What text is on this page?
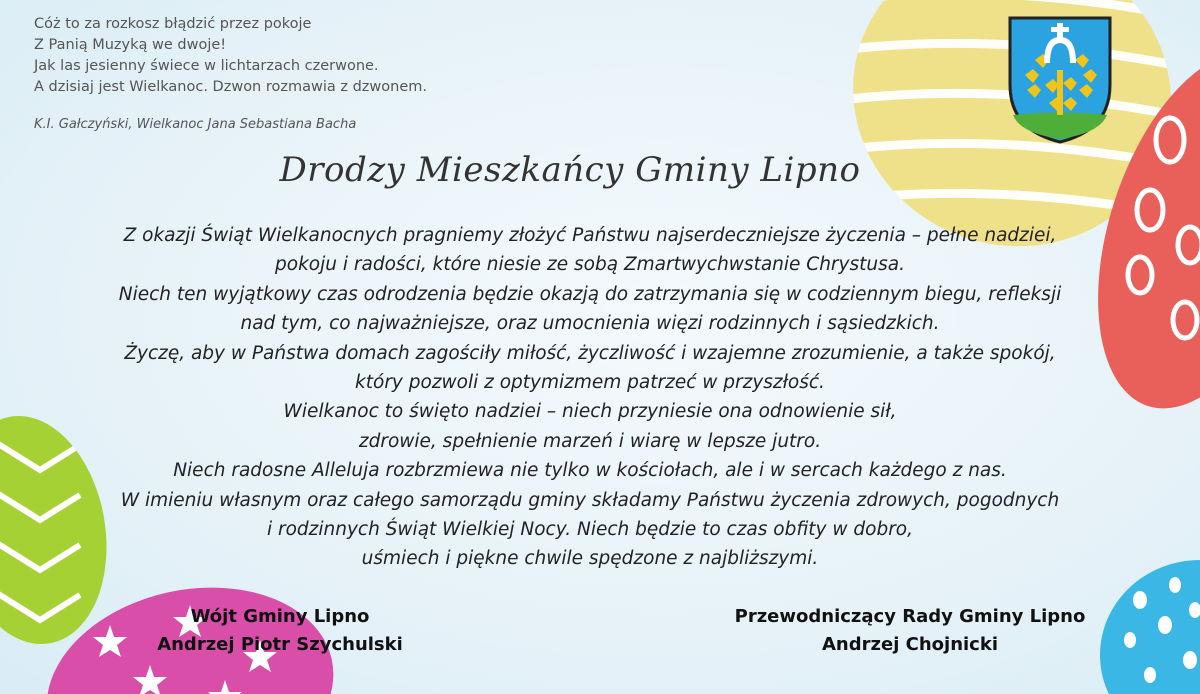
Cóż to za rozkosz błądzić przez pokoje
Z Panią Muzyką we dwoje!
Jak las jesienny świece w lichtarzach czerwone.
A dzisiaj jest Wielkanoc. Dzwon rozmawia z dzwonem.
K.I. Gałczyński, Wielkanoc Jana Sebastiana Bacha
Drodzy Mieszkańcy Gminy Lipno
Z okazji Świąt Wielkanocnych pragniemy złożyć Państwu najserdeczniejsze życzenia – pełne nadziei,
pokoju i radości, które niesie ze sobą Zmartwychwstanie Chrystusa.
Niech ten wyjątkowy czas odrodzenia będzie okazją do zatrzymania się w codziennym biegu, refleksji
nad tym, co najważniejsze, oraz umocnienia więzi rodzinnych i sąsiedzkich.
Życzę, aby w Państwa domach zagościły miłość, życzliwość i wzajemne zrozumienie, a także spokój,
który pozwoli z optymizmem patrzeć w przyszłość.
Wielkanoc to święto nadziei – niech przyniesie ona odnowienie sił,
zdrowie, spełnienie marzeń i wiarę w lepsze jutro.
Niech radosne Alleluja rozbrzmiewa nie tylko w kościołach, ale i w sercach każdego z nas.
W imieniu własnym oraz całego samorządu gminy składamy Państwu życzenia zdrowych, pogodnych
i rodzinnych Świąt Wielkiej Nocy. Niech będzie to czas obfity w dobro,
uśmiech i piękne chwile spędzone z najbliższymi.
Wójt Gminy Lipno
Andrzej Piotr Szychulski
Przewodniczący Rady Gminy Lipno
Andrzej Chojnicki
